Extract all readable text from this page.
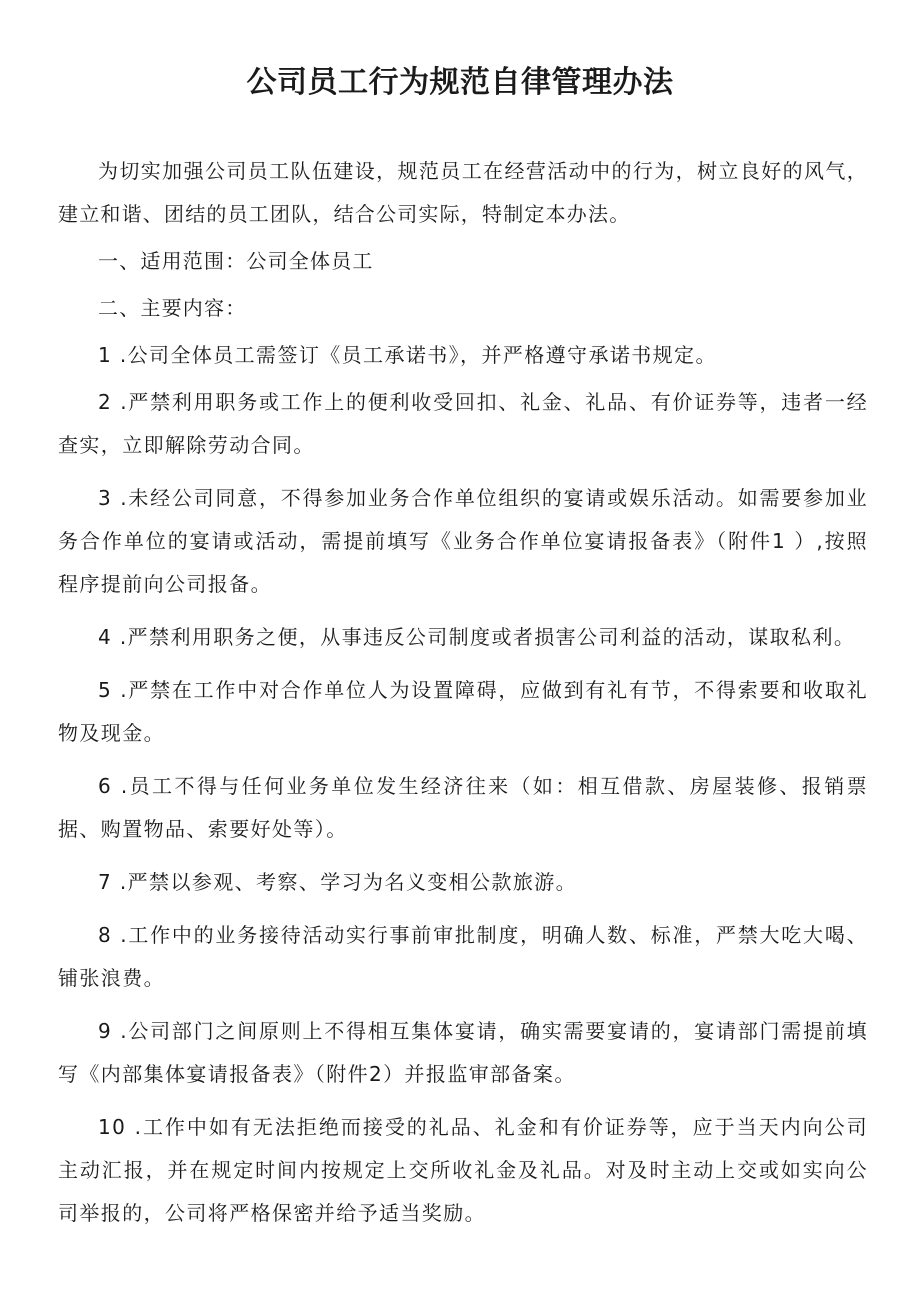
公司员工行为规范自律管理办法

为切实加强公司员工队伍建设，规范员工在经营活动中的行为，树立良好的风气，建立和谐、团结的员工团队，结合公司实际，特制定本办法。

一、适用范围：公司全体员工

二、主要内容：

1 .公司全体员工需签订《员工承诺书》，并严格遵守承诺书规定。

2 .严禁利用职务或工作上的便利收受回扣、礼金、礼品、有价证券等，违者一经查实，立即解除劳动合同。

3 .未经公司同意，不得参加业务合作单位组织的宴请或娱乐活动。如需要参加业务合作单位的宴请或活动，需提前填写《业务合作单位宴请报备表》（附件1 ）,按照程序提前向公司报备。

4 .严禁利用职务之便，从事违反公司制度或者损害公司利益的活动，谋取私利。

5 .严禁在工作中对合作单位人为设置障碍，应做到有礼有节，不得索要和收取礼物及现金。

6 .员工不得与任何业务单位发生经济往来（如：相互借款、房屋装修、报销票据、购置物品、索要好处等）。

7 .严禁以参观、考察、学习为名义变相公款旅游。

8 .工作中的业务接待活动实行事前审批制度，明确人数、标准，严禁大吃大喝、铺张浪费。

9 .公司部门之间原则上不得相互集体宴请，确实需要宴请的，宴请部门需提前填写《内部集体宴请报备表》（附件2）并报监审部备案。

10 .工作中如有无法拒绝而接受的礼品、礼金和有价证券等，应于当天内向公司主动汇报，并在规定时间内按规定上交所收礼金及礼品。对及时主动上交或如实向公司举报的，公司将严格保密并给予适当奖励。
